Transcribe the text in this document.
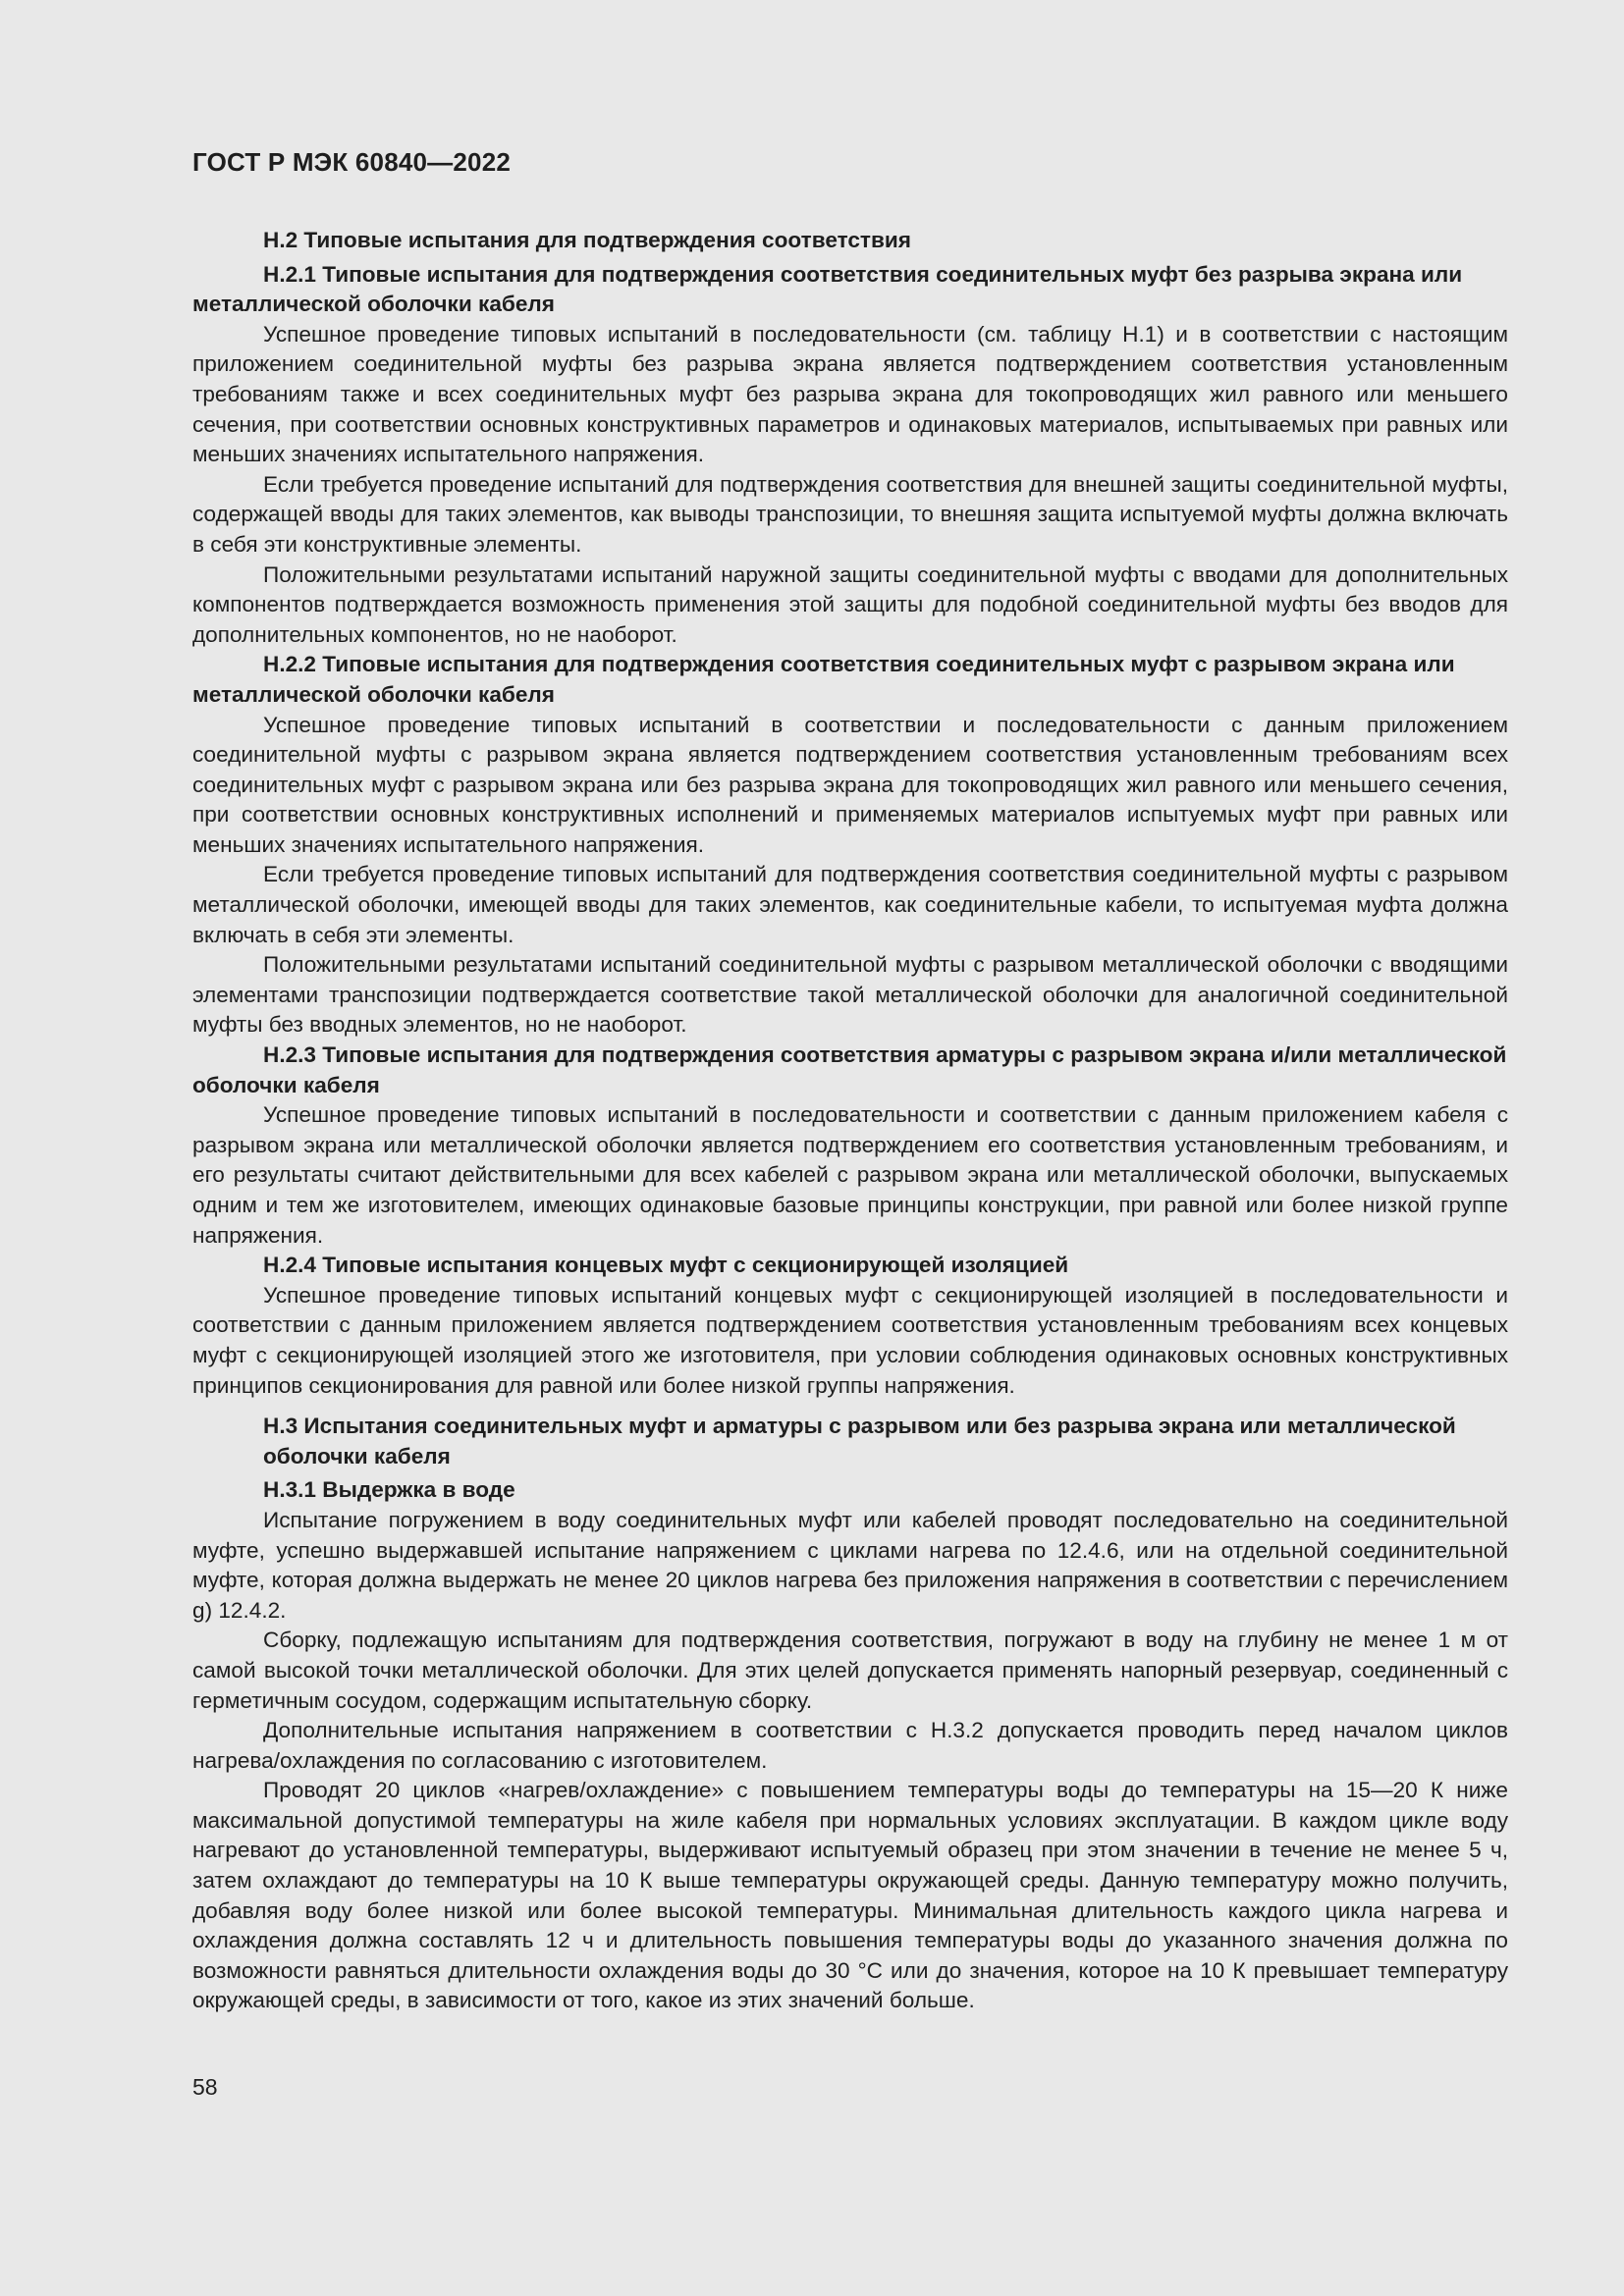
ГОСТ Р МЭК 60840—2022

H.2 Типовые испытания для подтверждения соответствия

H.2.1 Типовые испытания для подтверждения соответствия соединительных муфт без разрыва экрана или металлической оболочки кабеля

Успешное проведение типовых испытаний в последовательности (см. таблицу H.1) и в соответствии с настоящим приложением соединительной муфты без разрыва экрана является подтверждением соответствия установленным требованиям также и всех соединительных муфт без разрыва экрана для токопроводящих жил равного или меньшего сечения, при соответствии основных конструктивных параметров и одинаковых материалов, испытываемых при равных или меньших значениях испытательного напряжения.

Если требуется проведение испытаний для подтверждения соответствия для внешней защиты соединительной муфты, содержащей вводы для таких элементов, как выводы транспозиции, то внешняя защита испытуемой муфты должна включать в себя эти конструктивные элементы.

Положительными результатами испытаний наружной защиты соединительной муфты с вводами для дополнительных компонентов подтверждается возможность применения этой защиты для подобной соединительной муфты без вводов для дополнительных компонентов, но не наоборот.

H.2.2 Типовые испытания для подтверждения соответствия соединительных муфт с разрывом экрана или металлической оболочки кабеля

Успешное проведение типовых испытаний в соответствии и последовательности с данным приложением соединительной муфты с разрывом экрана является подтверждением соответствия установленным требованиям всех соединительных муфт с разрывом экрана или без разрыва экрана для токопроводящих жил равного или меньшего сечения, при соответствии основных конструктивных исполнений и применяемых материалов испытуемых муфт при равных или меньших значениях испытательного напряжения.

Если требуется проведение типовых испытаний для подтверждения соответствия соединительной муфты с разрывом металлической оболочки, имеющей вводы для таких элементов, как соединительные кабели, то испытуемая муфта должна включать в себя эти элементы.

Положительными результатами испытаний соединительной муфты с разрывом металлической оболочки с вводящими элементами транспозиции подтверждается соответствие такой металлической оболочки для аналогичной соединительной муфты без вводных элементов, но не наоборот.

H.2.3 Типовые испытания для подтверждения соответствия арматуры с разрывом экрана и/или металлической оболочки кабеля

Успешное проведение типовых испытаний в последовательности и соответствии с данным приложением кабеля с разрывом экрана или металлической оболочки является подтверждением его соответствия установленным требованиям, и его результаты считают действительными для всех кабелей с разрывом экрана или металлической оболочки, выпускаемых одним и тем же изготовителем, имеющих одинаковые базовые принципы конструкции, при равной или более низкой группе напряжения.

H.2.4 Типовые испытания концевых муфт с секционирующей изоляцией

Успешное проведение типовых испытаний концевых муфт с секционирующей изоляцией в последовательности и соответствии с данным приложением является подтверждением соответствия установленным требованиям всех концевых муфт с секционирующей изоляцией этого же изготовителя, при условии соблюдения одинаковых основных конструктивных принципов секционирования для равной или более низкой группы напряжения.

H.3 Испытания соединительных муфт и арматуры с разрывом или без разрыва экрана или металлической оболочки кабеля

H.3.1 Выдержка в воде

Испытание погружением в воду соединительных муфт или кабелей проводят последовательно на соединительной муфте, успешно выдержавшей испытание напряжением с циклами нагрева по 12.4.6, или на отдельной соединительной муфте, которая должна выдержать не менее 20 циклов нагрева без приложения напряжения в соответствии с перечислением g) 12.4.2.

Сборку, подлежащую испытаниям для подтверждения соответствия, погружают в воду на глубину не менее 1 м от самой высокой точки металлической оболочки. Для этих целей допускается применять напорный резервуар, соединенный с герметичным сосудом, содержащим испытательную сборку.

Дополнительные испытания напряжением в соответствии с H.3.2 допускается проводить перед началом циклов нагрева/охлаждения по согласованию с изготовителем.

Проводят 20 циклов «нагрев/охлаждение» с повышением температуры воды до температуры на 15—20 К ниже максимальной допустимой температуры на жиле кабеля при нормальных условиях эксплуатации. В каждом цикле воду нагревают до установленной температуры, выдерживают испытуемый образец при этом значении в течение не менее 5 ч, затем охлаждают до температуры на 10 К выше температуры окружающей среды. Данную температуру можно получить, добавляя воду более низкой или более высокой температуры. Минимальная длительность каждого цикла нагрева и охлаждения должна составлять 12 ч и длительность повышения температуры воды до указанного значения должна по возможности равняться длительности охлаждения воды до 30 °С или до значения, которое на 10 К превышает температуру окружающей среды, в зависимости от того, какое из этих значений больше.

58
